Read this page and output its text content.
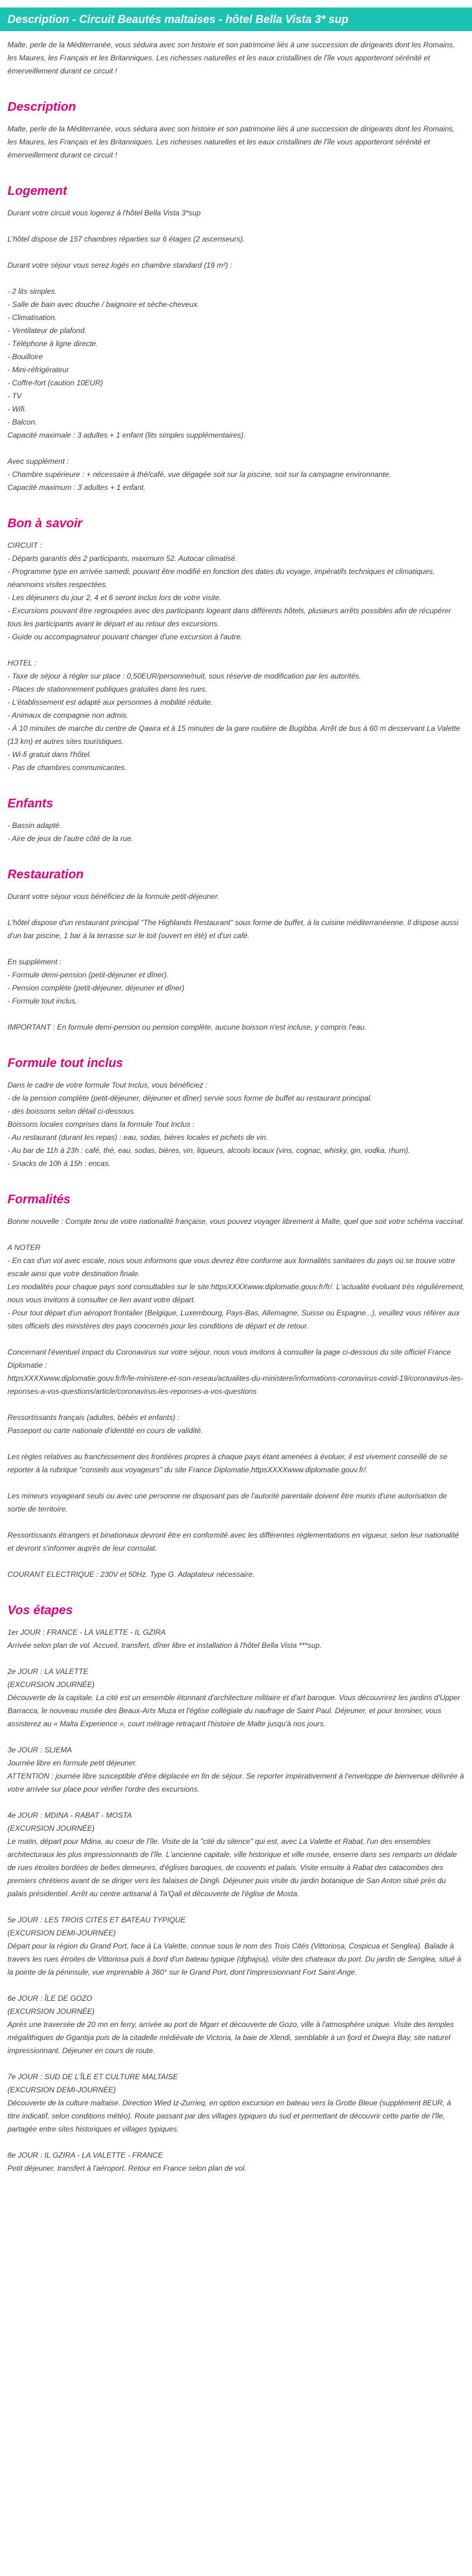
Description - Circuit Beautés maltaises - hôtel Bella Vista 3* sup

Malte, perle de la Méditerranée, vous séduira avec son histoire et son patrimoine liés à une succession de dirigeants dont les Romains, les Maures, les Français et les Britanniques. Les richesses naturelles et les eaux cristallines de l'île vous apporteront sérénité et émerveillement durant ce circuit !

Description

Malte, perle de la Méditerranée, vous séduira avec son histoire et son patrimoine liés à une succession de dirigeants dont les Romains, les Maures, les Français et les Britanniques. Les richesses naturelles et les eaux cristallines de l'île vous apporteront sérénité et émerveillement durant ce circuit !

Logement

Durant votre circuit vous logerez à l'hôtel Bella Vista 3*sup

L'hôtel dispose de 157 chambres réparties sur 6 étages (2 ascenseurs).

Durant votre séjour vous serez logés en chambre standard (19 m²) :

- 2 lits simples.
- Salle de bain avec douche / baignoire et sèche-cheveux.
- Climatisation.
- Ventilateur de plafond.
- Téléphone à ligne directe.
- Bouilloire
- Mini-réfrigérateur
- Coffre-fort (caution 10EUR)
- TV
- Wifi.
- Balcon.
Capacité maximale : 3 adultes + 1 enfant (lits simples supplémentaires).

Avec supplément :
- Chambre supérieure : + nécessaire à thé/café, vue dégagée soit sur la piscine, soit sur la campagne environnante.
Capacité maximum : 3 adultes + 1 enfant.

Bon à savoir

CIRCUIT :
- Départs garantis dès 2 participants, maximum 52. Autocar climatisé.
- Programme type en arrivée samedi, pouvant être modifié en fonction des dates du voyage, impératifs techniques et climatiques, néanmoins visites respectées.
- Les déjeuners du jour 2, 4 et 6 seront inclus lors de votre visite.
- Excursions pouvant être regroupées avec des participants logeant dans différents hôtels, plusieurs arrêts possibles afin de récupérer tous les participants avant le départ et au retour des excursions.
- Guide ou accompagnateur pouvant changer d'une excursion à l'autre.

HOTEL :
- Taxe de séjour à régler sur place : 0,50EUR/personne/nuit, sous réserve de modification par les autorités.
- Places de stationnement publiques gratuites dans les rues.
- L'établissement est adapté aux personnes à mobilité réduite.
- Animaux de compagnie non admis.
- À 10 minutes de marche du centre de Qawra et à 15 minutes de la gare routière de Bugibba. Arrêt de bus à 60 m desservant La Valette (13 km) et autres sites touristiques.
- Wi-fi gratuit dans l'hôtel.
- Pas de chambres communicantes.

Enfants

- Bassin adapté.
- Aire de jeux de l'autre côté de la rue.

Restauration

Durant votre séjour vous bénéficiez de la formule petit-déjeuner.

L'hôtel dispose d'un restaurant principal "The Highlands Restaurant" sous forme de buffet, à la cuisine méditerranéenne. Il dispose aussi d'un bar piscine, 1 bar à la terrasse sur le toit (ouvert en été) et d'un café.

En supplément :
- Formule demi-pension (petit-déjeuner et dîner).
- Pension complète (petit-déjeuner, déjeuner et dîner)
- Formule tout inclus.

IMPORTANT : En formule demi-pension ou pension complète, aucune boisson n'est incluse, y compris l'eau.

Formule tout inclus

Dans le cadre de votre formule Tout Inclus, vous bénéficiez :
- de la pension complète (petit-déjeuner, déjeuner et dîner) servie sous forme de buffet au restaurant principal.
- des boissons selon détail ci-dessous.
Boissons locales comprises dans la formule Tout Inclus :
- Au restaurant (durant les repas) : eau, sodas, bières locales et pichets de vin.
- Au bar de 11h à 23h : café, thé, eau, sodas, bières, vin, liqueurs, alcools locaux (vins, cognac, whisky, gin, vodka, rhum).
- Snacks de 10h à 15h : encas.

Formalités

Bonne nouvelle : Compte tenu de votre nationalité française, vous pouvez voyager librement à Malte, quel que soit votre schéma vaccinal.

A NOTER
- En cas d'un vol avec escale, nous vous informons que vous devrez être conforme aux formalités sanitaires du pays où se trouve votre escale ainsi que votre destination finale.
Les modalités pour chaque pays sont consultables sur le site:httpsXXXXwww.diplomatie.gouv.fr/fr/. L'actualité évoluant très régulièrement, nous vous invitons à consulter ce lien avant votre départ.
- Pour tout départ d'un aéroport frontalier (Belgique, Luxembourg, Pays-Bas, Allemagne, Suisse ou Espagne...), veuillez vous référer aux sites officiels des ministères des pays concernés pour les conditions de départ et de retour.

Concernant l'éventuel impact du Coronavirus sur votre séjour, nous vous invitons à consulter la page ci-dessous du site officiel France Diplomatie :
httpsXXXXwww.diplomatie.gouv.fr/fr/le-ministere-et-son-reseau/actualites-du-ministere/informations-coronavirus-covid-19/coronavirus-les-reponses-a-vos-questions/article/coronavirus-les-reponses-a-vos-questions

Ressortissants français (adultes, bébés et enfants) :
Passeport ou carte nationale d'identité en cours de validité.

Les règles relatives au franchissement des frontières propres à chaque pays étant amenées à évoluer, il est vivement conseillé de se reporter à la rubrique "conseils aux voyageurs" du site France Diplomatie,httpsXXXXwww.diplomatie.gouv.fr/.

Les mineurs voyageant seuls ou avec une personne ne disposant pas de l'autorité parentale doivent être munis d'une autorisation de sortie de territoire.

Ressortissants étrangers et binationaux devront être en conformité avec les différentes réglementations en vigueur, selon leur nationalité et devront s'informer auprès de leur consulat.

COURANT ELECTRIQUE : 230V et 50Hz. Type G. Adaptateur nécessaire.

Vos étapes

1er JOUR : FRANCE - LA VALETTE - IL GZIRA
Arrivée selon plan de vol. Accueil, transfert, dîner libre et installation à l'hôtel Bella Vista ***sup.

2e JOUR : LA VALETTE
(EXCURSION JOURNÉE)
Découverte de la capitale. La cité est un ensemble étonnant d'architecture militaire et d'art baroque. Vous découvrirez les jardins d'Upper Barracca, le nouveau musée des Beaux-Arts Muza et l'église collégiale du naufrage de Saint Paul. Déjeuner, et pour terminer, vous assisterez au « Malta Experience », court métrage retraçant l'histoire de Malte jusqu'à nos jours.

3e JOUR : SLIEMA
Journée libre en formule petit déjeuner.
ATTENTION : journée libre susceptible d'être déplacée en fin de séjour. Se reporter impérativement à l'enveloppe de bienvenue délivrée à votre arrivée sur place pour vérifier l'ordre des excursions.

4e JOUR : MDINA - RABAT - MOSTA
(EXCURSION JOURNÉE)
Le matin, départ pour Mdina, au coeur de l'île. Visite de la "cité du silence" qui est, avec La Valette et Rabat, l'un des ensembles architecturaux les plus impressionnants de l'île. L'ancienne capitale, ville historique et ville musée, enserre dans ses remparts un dédale de rues étroites bordées de belles demeures, d'églises baroques, de couvents et palais. Visite ensuite à Rabat des catacombes des premiers chrétiens avant de se diriger vers les falaises de Dingli. Déjeuner puis visite du jardin botanique de San Anton situé près du palais présidentiel. Arrêt au centre artisanal à Ta'Qali et découverte de l'église de Mosta.

5e JOUR : LES TROIS CITÉS ET BATEAU TYPIQUE
(EXCURSION DEMI-JOURNÉE)
Départ pour la région du Grand Port, face à La Valette, connue sous le nom des Trois Cités (Vittoriosa, Cospicua et Senglea). Balade à travers les rues étroites de Vittoriosa puis à bord d'un bateau typique (dghajsa), visite des chateaux du port. Du jardin de Senglea, situé à la pointe de la péninsule, vue imprenable à 360° sur le Grand Port, dont l'impressionnant Fort Saint-Ange.

6e JOUR : ÎLE DE GOZO
(EXCURSION JOURNÉE)
Après une traversée de 20 mn en ferry, arrivée au port de Mgarr et découverte de Gozo, ville à l'atmosphère unique. Visite des temples mégalithiques de Ggantija puis de la citadelle médiévale de Victoria, la baie de Xlendi, semblable à un fjord et Dwejra Bay, site naturel impressionnant. Déjeuner en cours de route.

7e JOUR : SUD DE L'ÎLE ET CULTURE MALTAISE
(EXCURSION DEMI-JOURNÉE)
Découverte de la culture maltaise. Direction Wied Iz-Zurrieq, en option excursion en bateau vers la Grotte Bleue (supplément 8EUR, à titre indicatif, selon conditions météo). Route passant par des villages typiques du sud et permettant de découvrir cette partie de l'île, partagée entre sites historiques et villages typiques.

8e JOUR : IL GZIRA - LA VALETTE - FRANCE
Petit déjeuner, transfert à l'aéroport. Retour en France selon plan de vol.
